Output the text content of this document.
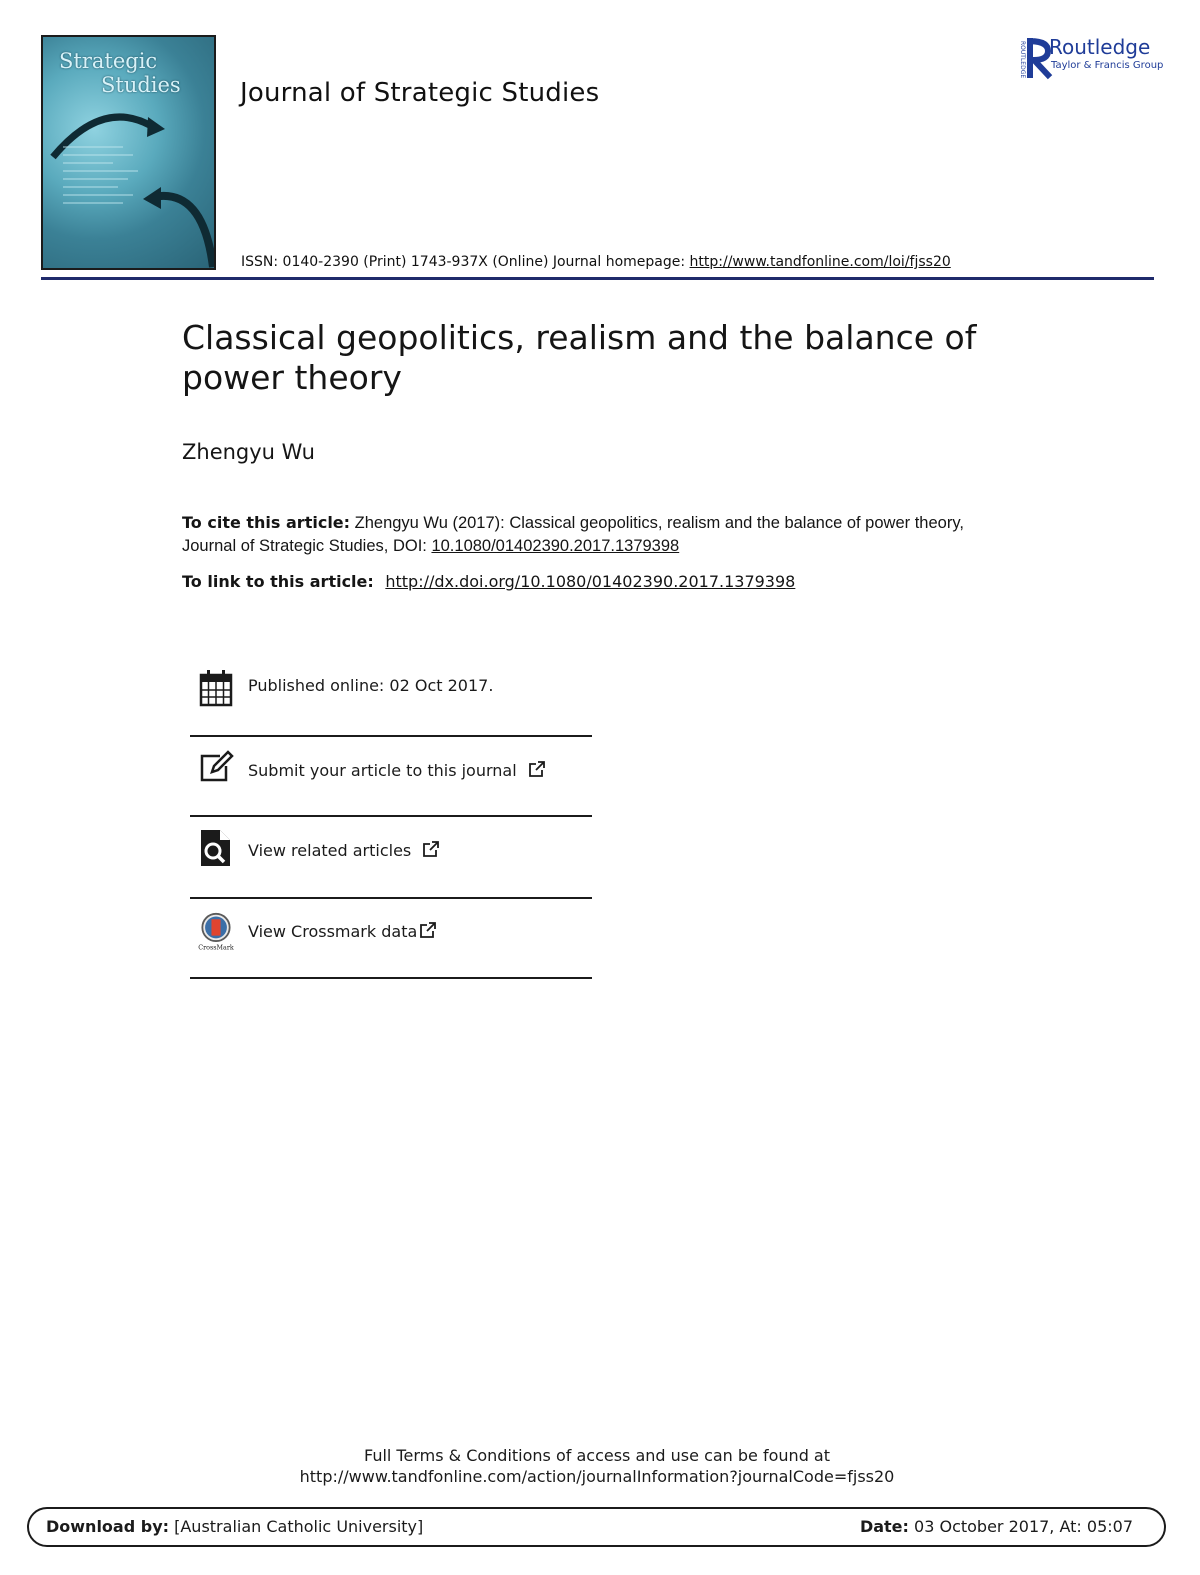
Strategic
Studies	Journal of Strategic Studies
ISSN: 0140-2390 (Print) 1743-937X (Online) Journal homepage: http://www.tandfonline.com/loi/fjss20
ROUTLEDGE Routledge
Taylor & Francis Group
Classical geopolitics, realism and the balance of power theory
Zhengyu Wu
To cite this article: Zhengyu Wu (2017): Classical geopolitics, realism and the balance of power theory, Journal of Strategic Studies, DOI: 10.1080/01402390.2017.1379398
To link to this article: http://dx.doi.org/10.1080/01402390.2017.1379398
Published online: 02 Oct 2017.
Submit your article to this journal
View related articles
CrossMark
View Crossmark data
Full Terms & Conditions of access and use can be found at
http://www.tandfonline.com/action/journalInformation?journalCode=fjss20
Download by: [Australian Catholic University]	Date: 03 October 2017, At: 05:07
